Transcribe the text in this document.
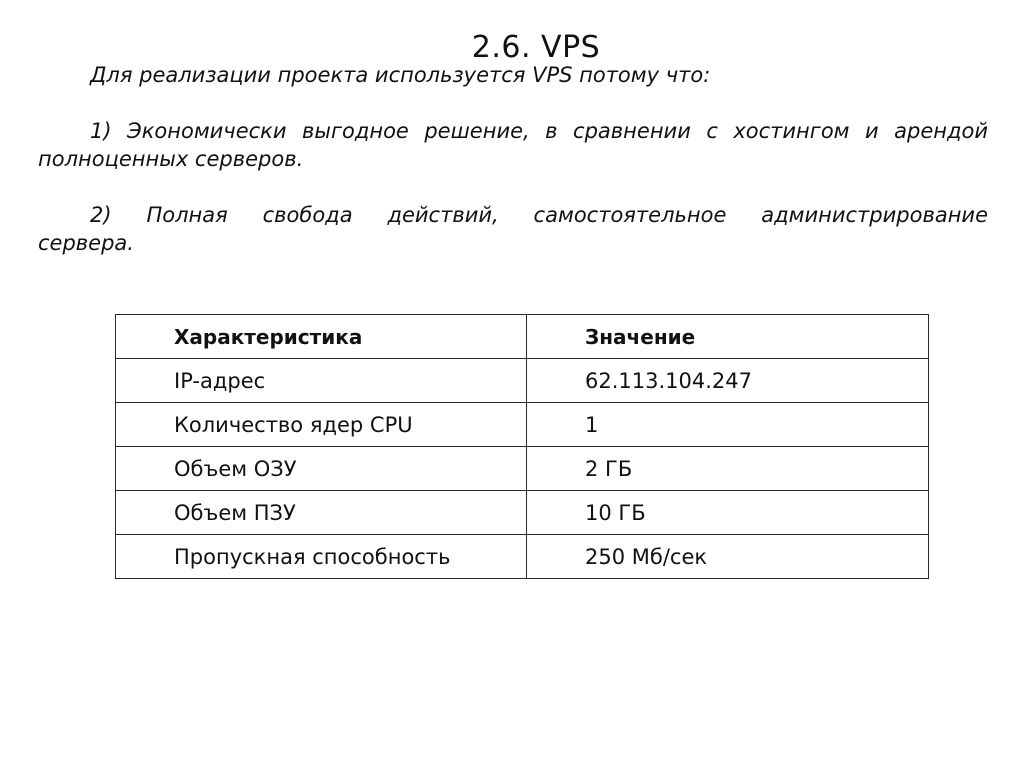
2.6. VPS
Для реализации проекта используется VPS потому что:
1) Экономически выгодное решение, в сравнении с хостингом и арендой полноценных серверов.
2) Полная свобода действий, самостоятельное администрирование сервера.
Характеристика	Значение
IP-адрес	62.113.104.247
Количество ядер CPU	1
Объем ОЗУ	2 ГБ
Объем ПЗУ	10 ГБ
Пропускная способность	250 Мб/сек
